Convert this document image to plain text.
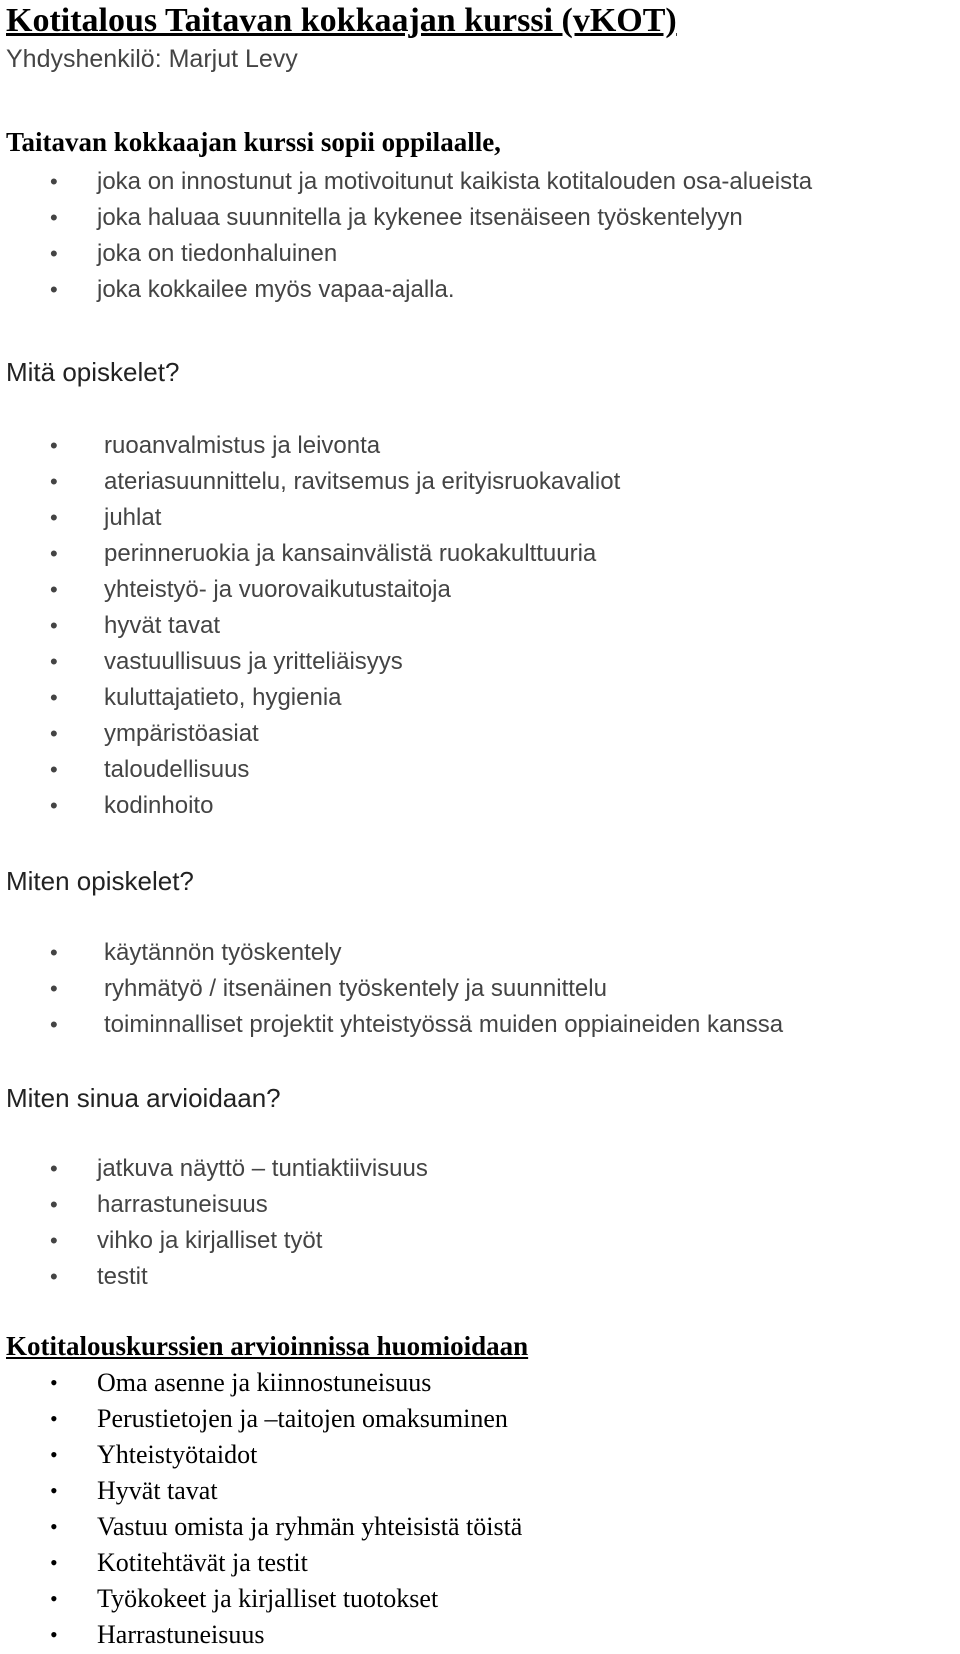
Kotitalous Taitavan kokkaajan kurssi (vKOT)
Yhdyshenkilö: Marjut Levy
Taitavan kokkaajan kurssi sopii oppilaalle,
• joka on innostunut ja motivoitunut kaikista kotitalouden osa-alueista
• joka haluaa suunnitella ja kykenee itsenäiseen työskentelyyn
• joka on tiedonhaluinen
• joka kokkailee myös vapaa-ajalla.
Mitä opiskelet?
• ruoanvalmistus ja leivonta
• ateriasuunnittelu, ravitsemus ja erityisruokavaliot
• juhlat
• perinneruokia ja kansainvälistä ruokakulttuuria
• yhteistyö- ja vuorovaikutustaitoja
• hyvät tavat
• vastuullisuus ja yritteliäisyys
• kuluttajatieto, hygienia
• ympäristöasiat
• taloudellisuus
• kodinhoito
Miten opiskelet?
• käytännön työskentely
• ryhmätyö / itsenäinen työskentely ja suunnittelu
• toiminnalliset projektit yhteistyössä muiden oppiaineiden kanssa
Miten sinua arvioidaan?
• jatkuva näyttö – tuntiaktiivisuus
• harrastuneisuus
• vihko ja kirjalliset työt
• testit
Kotitalouskurssien arvioinnissa huomioidaan
• Oma asenne ja kiinnostuneisuus
• Perustietojen ja –taitojen omaksuminen
• Yhteistyötaidot
• Hyvät tavat
• Vastuu omista ja ryhmän yhteisistä töistä
• Kotitehtävät ja testit
• Työkokeet ja kirjalliset tuotokset
• Harrastuneisuus
